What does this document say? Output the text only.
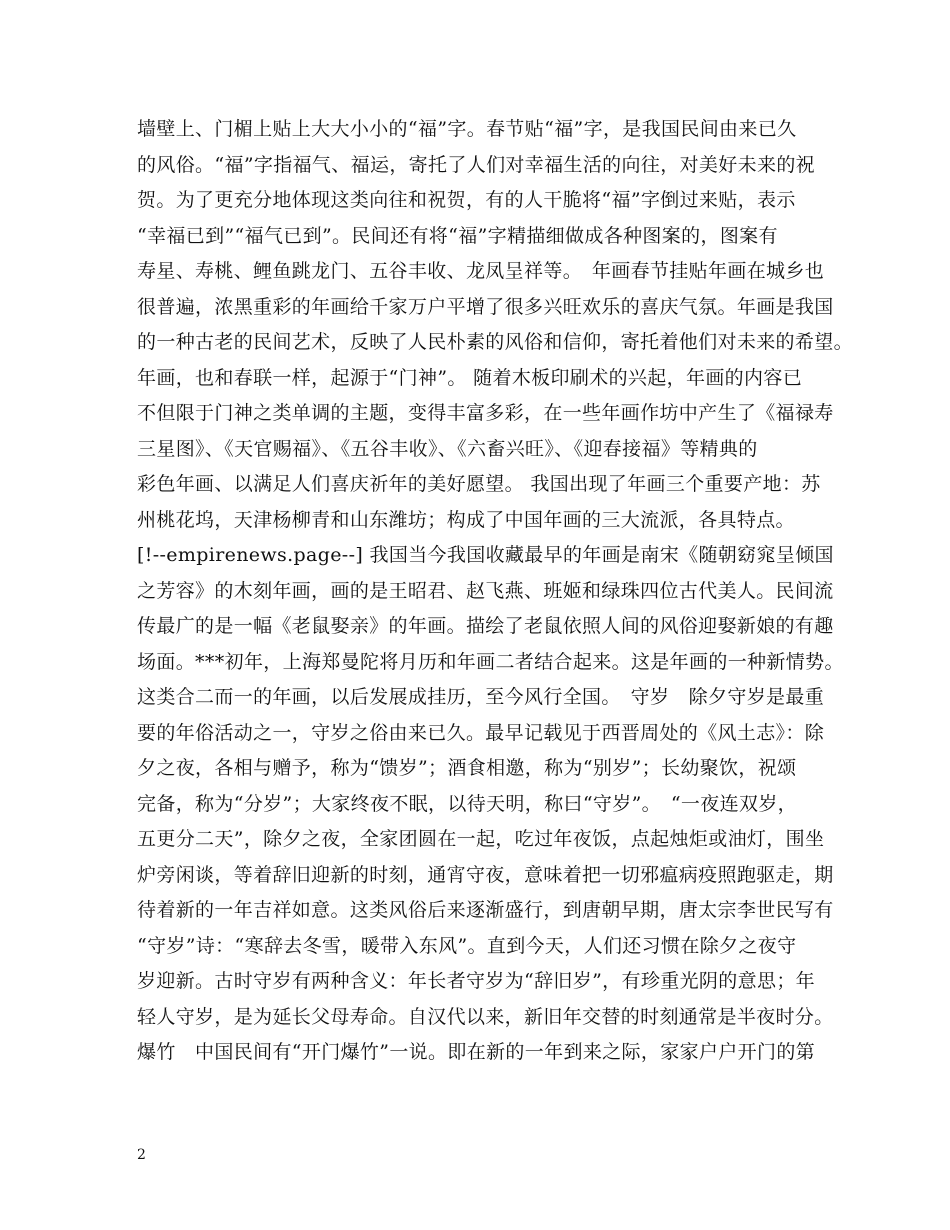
墙壁上、门楣上贴上大大小小的“福”字。春节贴“福”字，是我国民间由来已久
的风俗。“福”字指福气、福运，寄托了人们对幸福生活的向往，对美好未来的祝
贺。为了更充分地体现这类向往和祝贺，有的人干脆将“福”字倒过来贴，表示
“幸福已到”“福气已到”。民间还有将“福”字精描细做成各种图案的，图案有
寿星、寿桃、鲤鱼跳龙门、五谷丰收、龙凤呈祥等。　年画春节挂贴年画在城乡也
很普遍，浓黑重彩的年画给千家万户平增了很多兴旺欢乐的喜庆气氛。年画是我国
的一种古老的民间艺术，反映了人民朴素的风俗和信仰，寄托着他们对未来的希望。
年画，也和春联一样，起源于“门神”。 随着木板印刷术的兴起，年画的内容已
不但限于门神之类单调的主题，变得丰富多彩，在一些年画作坊中产生了《福禄寿
三星图》、《天官赐福》、《五谷丰收》、《六畜兴旺》、《迎春接福》等精典的
彩色年画、以满足人们喜庆祈年的美好愿望。 我国出现了年画三个重要产地：苏
州桃花坞，天津杨柳青和山东潍坊；构成了中国年画的三大流派，各具特点。
[!--empirenews.page--] 我国当今我国收藏最早的年画是南宋《随朝窈窕呈倾国
之芳容》的木刻年画，画的是王昭君、赵飞燕、班姬和绿珠四位古代美人。民间流
传最广的是一幅《老鼠娶亲》的年画。描绘了老鼠依照人间的风俗迎娶新娘的有趣
场面。***初年，上海郑曼陀将月历和年画二者结合起来。这是年画的一种新情势。
这类合二而一的年画，以后发展成挂历，至今风行全国。　守岁　除夕守岁是最重
要的年俗活动之一，守岁之俗由来已久。最早记载见于西晋周处的《风土志》：除
夕之夜，各相与赠予，称为“馈岁”；酒食相邀，称为“别岁”；长幼聚饮，祝颂
完备，称为“分岁”；大家终夜不眠，以待天明，称曰“守岁”。　“一夜连双岁，
五更分二天”，除夕之夜，全家团圆在一起，吃过年夜饭，点起烛炬或油灯，围坐
炉旁闲谈，等着辞旧迎新的时刻，通宵守夜，意味着把一切邪瘟病疫照跑驱走，期
待着新的一年吉祥如意。这类风俗后来逐渐盛行，到唐朝早期，唐太宗李世民写有
“守岁”诗：“寒辞去冬雪，暖带入东风”。直到今天，人们还习惯在除夕之夜守
岁迎新。古时守岁有两种含义：年长者守岁为“辞旧岁”，有珍重光阴的意思；年
轻人守岁，是为延长父母寿命。自汉代以来，新旧年交替的时刻通常是半夜时分。
爆竹　中国民间有“开门爆竹”一说。即在新的一年到来之际，家家户户开门的第
2
